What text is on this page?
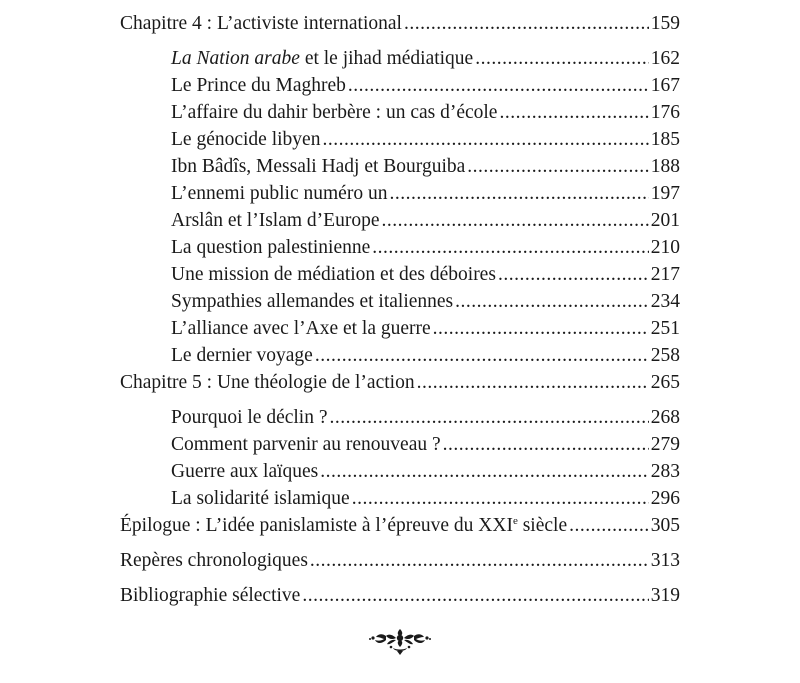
Chapitre 4 : L’activiste international .....	159
La Nation arabe et le jihad médiatique .....	162
Le Prince du Maghreb .....	167
L’affaire du dahir berbère : un cas d’école .....	176
Le génocide libyen .....	185
Ibn Bâdîs, Messali Hadj et Bourguiba .....	188
L’ennemi public numéro un .....	197
Arslân et l’Islam d’Europe .....	201
La question palestinienne .....	210
Une mission de médiation et des déboires .....	217
Sympathies allemandes et italiennes .....	234
L’alliance avec l’Axe et la guerre .....	251
Le dernier voyage .....	258
Chapitre 5 : Une théologie de l’action .....	265
Pourquoi le déclin ? .....	268
Comment parvenir au renouveau ? .....	279
Guerre aux laïques .....	283
La solidarité islamique .....	296
Épilogue : L’idée panislamiste à l’épreuve du XXIe siècle .....	305
Repères chronologiques .....	313
Bibliographie sélective .....	319
